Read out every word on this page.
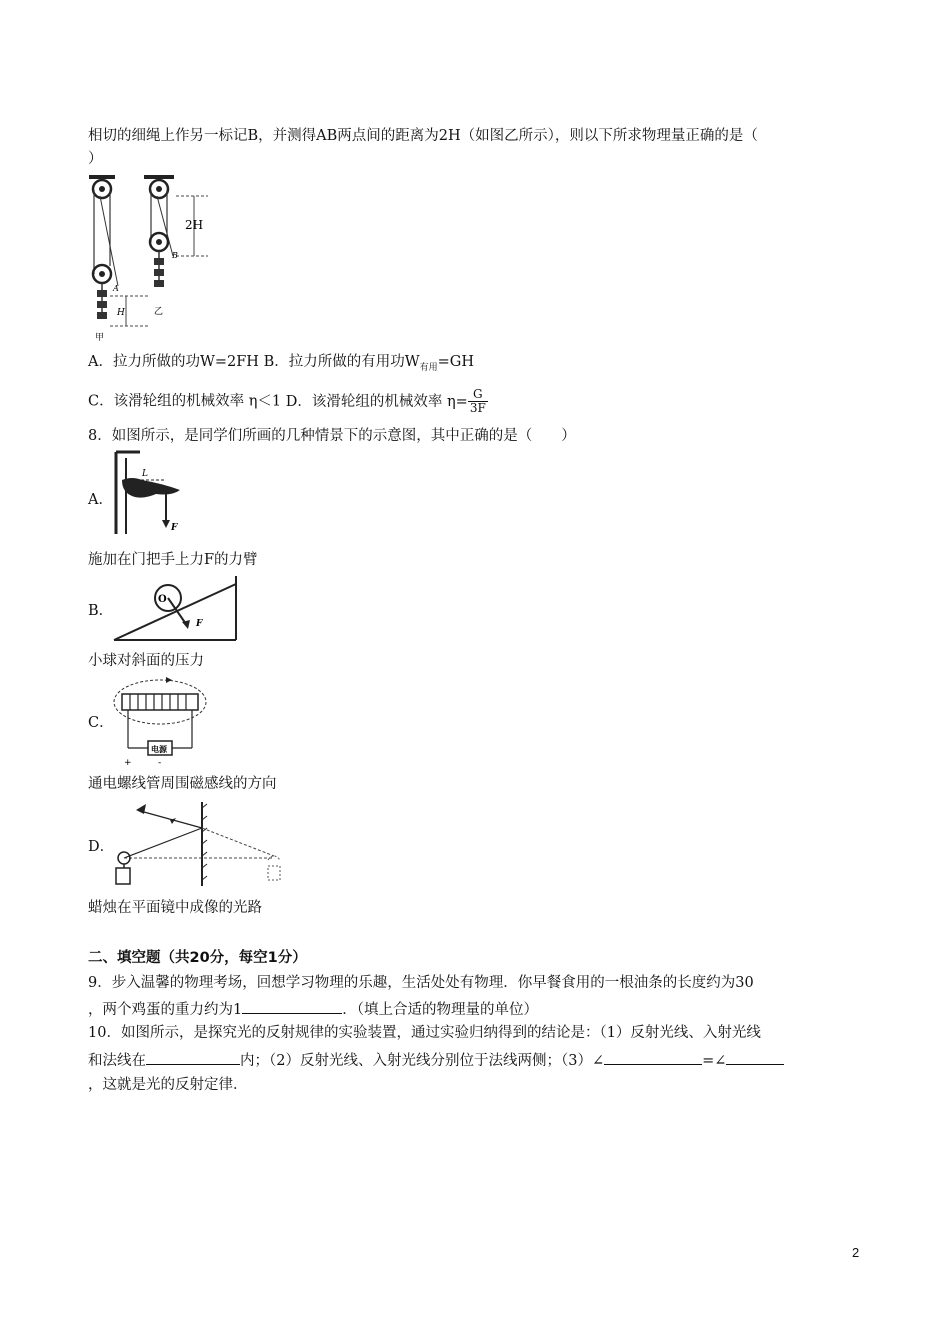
相切的细绳上作另一标记B，并测得AB两点间的距离为2H（如图乙所示），则以下所求物理量正确的是（
）
2H
B
A
H	乙
甲
A．拉力所做的功W=2FH B．拉力所做的有用功$W_{有用}=GH$
C．该滑轮组的机械效率 η＜1 D．该滑轮组的机械效率 $\eta= \frac{G}{3F}$
8．如图所示，是同学们所画的几种情景下的示意图，其中正确的是（　　）
A．
L
F
施加在门把手上力F的力臂
B．
O
F
小球对斜面的压力
C．
电源
+	-
通电螺线管周围磁感线的方向
D．
蜡烛在平面镜中成像的光路
二、填空题（共20分，每空1分）
9．步入温馨的物理考场，回想学习物理的乐趣，生活处处有物理．你早餐食用的一根油条的长度约为30
，两个鸡蛋的重力约为1	．（填上合适的物理量的单位）
10．如图所示，是探究光的反射规律的实验装置，通过实验归纳得到的结论是：（1）反射光线、入射光线
和法线在	内；（2）反射光线、入射光线分别位于法线两侧；（3）∠	=∠
，这就是光的反射定律．
2
